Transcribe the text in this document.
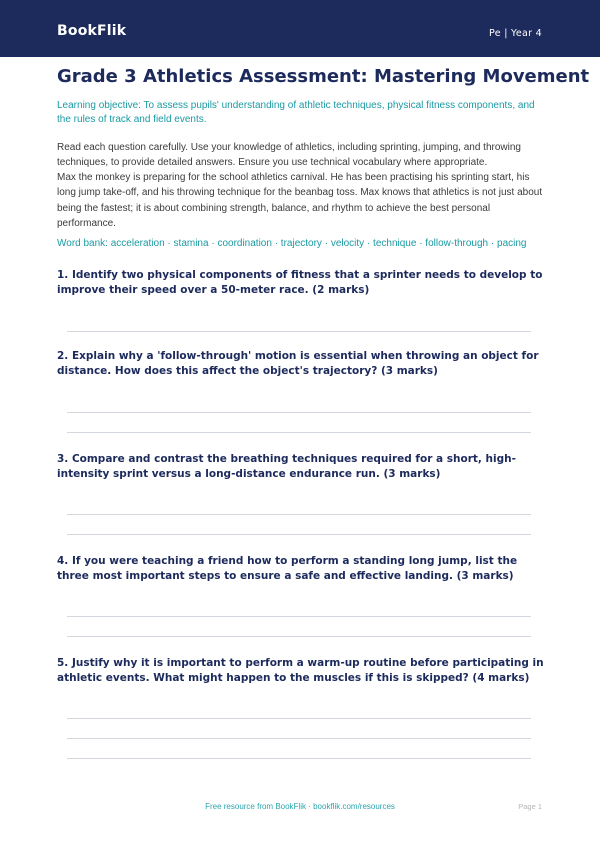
BookFlik	Pe | Year 4
Grade 3 Athletics Assessment: Mastering Movement

Learning objective: To assess pupils' understanding of athletic techniques, physical fitness components, and the rules of track and field events.

Read each question carefully. Use your knowledge of athletics, including sprinting, jumping, and throwing techniques, to provide detailed answers. Ensure you use technical vocabulary where appropriate.

Max the monkey is preparing for the school athletics carnival. He has been practising his sprinting start, his long jump take-off, and his throwing technique for the beanbag toss. Max knows that athletics is not just about being the fastest; it is about combining strength, balance, and rhythm to achieve the best personal performance.

Word bank: acceleration · stamina · coordination · trajectory · velocity · technique · follow-through · pacing

1. Identify two physical components of fitness that a sprinter needs to develop to improve their speed over a 50-meter race. (2 marks)

2. Explain why a 'follow-through' motion is essential when throwing an object for distance. How does this affect the object's trajectory? (3 marks)

3. Compare and contrast the breathing techniques required for a short, high-intensity sprint versus a long-distance endurance run. (3 marks)

4. If you were teaching a friend how to perform a standing long jump, list the three most important steps to ensure a safe and effective landing. (3 marks)

5. Justify why it is important to perform a warm-up routine before participating in athletic events. What might happen to the muscles if this is skipped? (4 marks)

Free resource from BookFlik · bookflik.com/resources	Page 1
